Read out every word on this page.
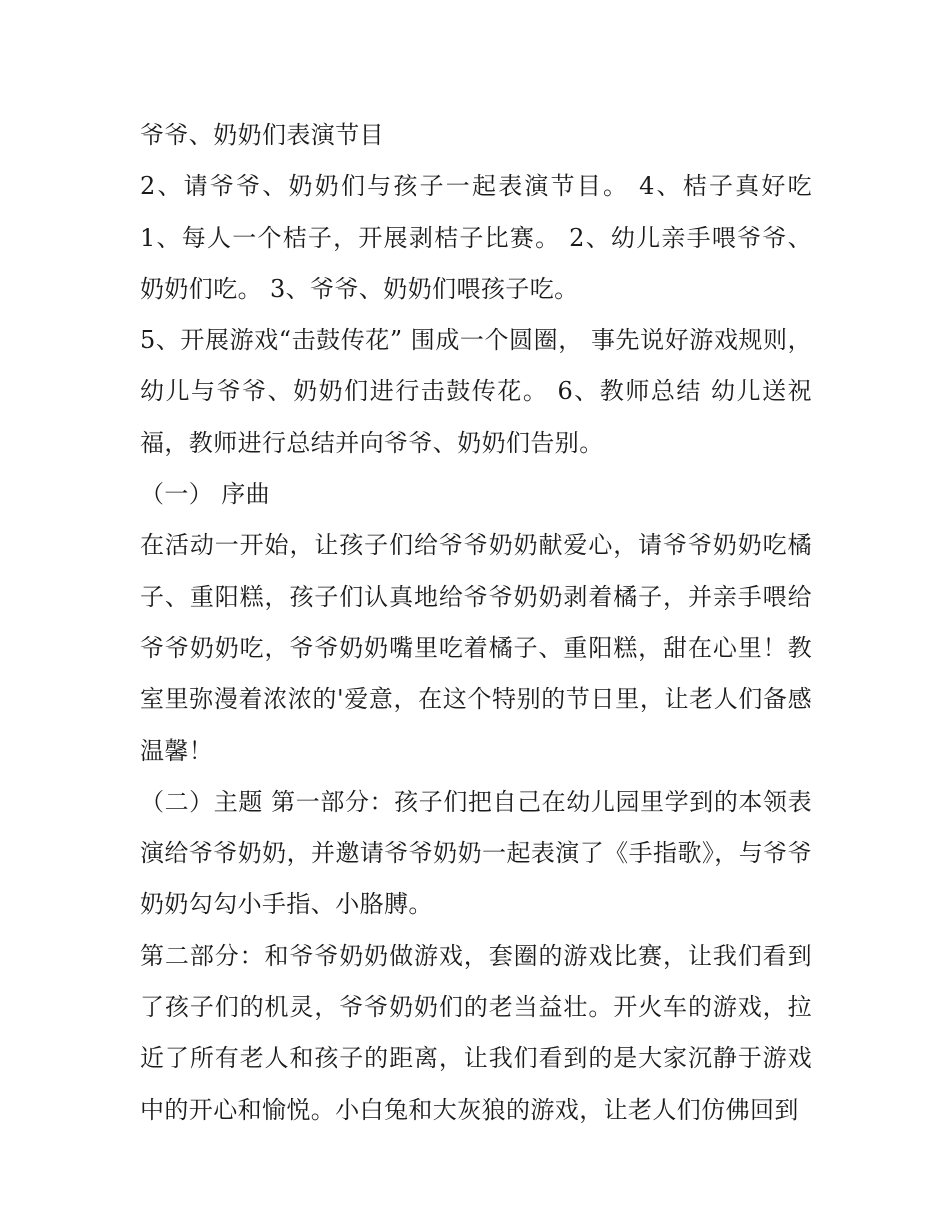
爷爷、奶奶们表演节目

2、请爷爷、奶奶们与孩子一起表演节目。 4、桔子真好吃 1、每人一个桔子，开展剥桔子比赛。 2、幼儿亲手喂爷爷、奶奶们吃。 3、爷爷、奶奶们喂孩子吃。

5、开展游戏“击鼓传花” 围成一个圆圈， 事先说好游戏规则，幼儿与爷爷、奶奶们进行击鼓传花。 6、教师总结 幼儿送祝福，教师进行总结并向爷爷、奶奶们告别。

（一） 序曲

在活动一开始，让孩子们给爷爷奶奶献爱心，请爷爷奶奶吃橘子、重阳糕，孩子们认真地给爷爷奶奶剥着橘子，并亲手喂给爷爷奶奶吃，爷爷奶奶嘴里吃着橘子、重阳糕，甜在心里！教室里弥漫着浓浓的'爱意，在这个特别的节日里，让老人们备感温馨！

（二）主题 第一部分：孩子们把自己在幼儿园里学到的本领表演给爷爷奶奶，并邀请爷爷奶奶一起表演了《手指歌》，与爷爷奶奶勾勾小手指、小胳膊。

第二部分：和爷爷奶奶做游戏，套圈的游戏比赛，让我们看到了孩子们的机灵，爷爷奶奶们的老当益壮。开火车的游戏，拉近了所有老人和孩子的距离，让我们看到的是大家沉静于游戏中的开心和愉悦。小白兔和大灰狼的游戏，让老人们仿佛回到
